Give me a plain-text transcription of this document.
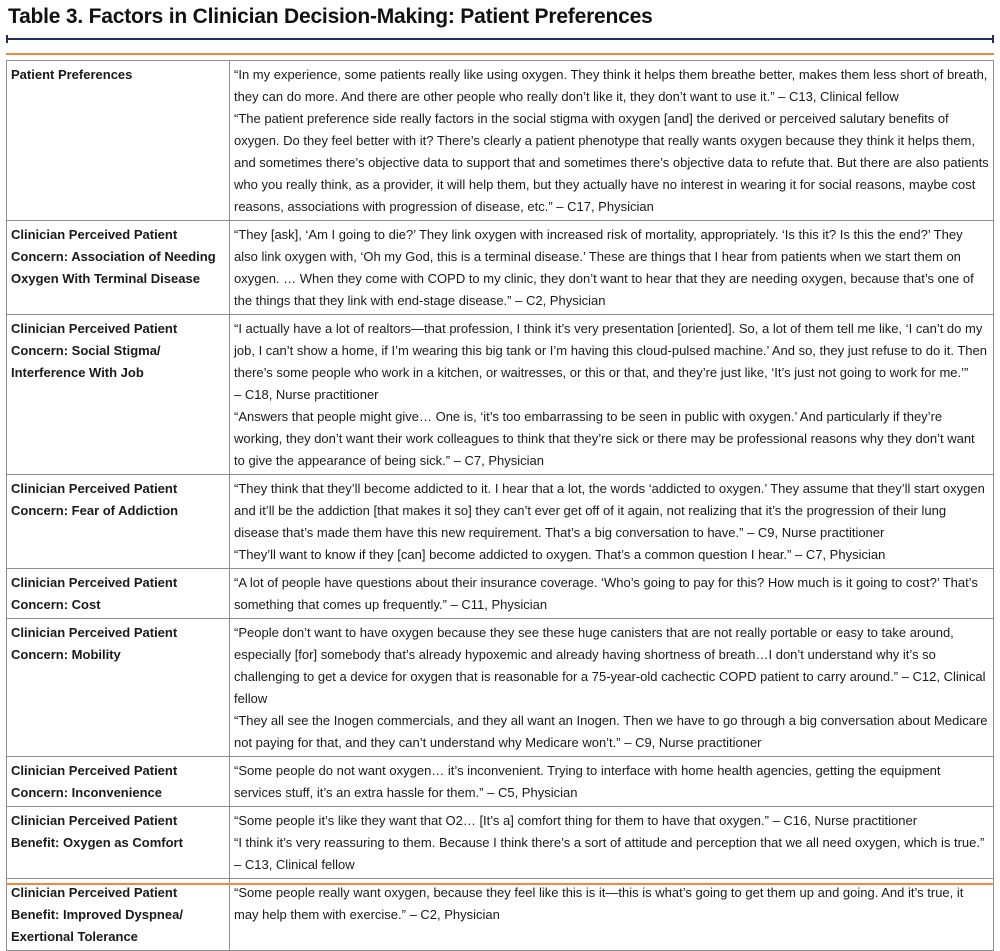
Table 3. Factors in Clinician Decision-Making: Patient Preferences
Patient Preferences	“In my experience, some patients really like using oxygen. They think it helps them breathe better, makes them less short of breath, they can do more. And there are other people who really don’t like it, they don’t want to use it.” – C13, Clinical fellow
“The patient preference side really factors in the social stigma with oxygen [and] the derived or perceived salutary benefits of oxygen. Do they feel better with it? There’s clearly a patient phenotype that really wants oxygen because they think it helps them, and sometimes there’s objective data to support that and sometimes there’s objective data to refute that. But there are also patients who you really think, as a provider, it will help them, but they actually have no interest in wearing it for social reasons, maybe cost reasons, associations with progression of disease, etc.” – C17, Physician

Clinician Perceived Patient Concern: Association of Needing Oxygen With Terminal Disease	“They [ask], ‘Am I going to die?’ They link oxygen with increased risk of mortality, appropriately. ‘Is this it? Is this the end?’ They also link oxygen with, ‘Oh my God, this is a terminal disease.’ These are things that I hear from patients when we start them on oxygen. … When they come with COPD to my clinic, they don’t want to hear that they are needing oxygen, because that’s one of the things that they link with end-stage disease.” – C2, Physician

Clinician Perceived Patient Concern: Social Stigma/ Interference With Job	“I actually have a lot of realtors—that profession, I think it’s very presentation [oriented]. So, a lot of them tell me like, ‘I can’t do my job, I can’t show a home, if I’m wearing this big tank or I’m having this cloud-pulsed machine.’ And so, they just refuse to do it. Then there’s some people who work in a kitchen, or waitresses, or this or that, and they’re just like, ‘It’s just not going to work for me.’”
– C18, Nurse practitioner
“Answers that people might give… One is, ‘it’s too embarrassing to be seen in public with oxygen.’ And particularly if they’re working, they don’t want their work colleagues to think that they’re sick or there may be professional reasons why they don’t want to give the appearance of being sick.” – C7, Physician

Clinician Perceived Patient Concern: Fear of Addiction	“They think that they’ll become addicted to it. I hear that a lot, the words ‘addicted to oxygen.’ They assume that they’ll start oxygen and it’ll be the addiction [that makes it so] they can’t ever get off of it again, not realizing that it’s the progression of their lung disease that’s made them have this new requirement. That’s a big conversation to have.” – C9, Nurse practitioner
“They’ll want to know if they [can] become addicted to oxygen. That’s a common question I hear.” – C7, Physician

Clinician Perceived Patient Concern: Cost	“A lot of people have questions about their insurance coverage. ‘Who’s going to pay for this? How much is it going to cost?’ That’s something that comes up frequently.” – C11, Physician

Clinician Perceived Patient Concern: Mobility	“People don’t want to have oxygen because they see these huge canisters that are not really portable or easy to take around, especially [for] somebody that’s already hypoxemic and already having shortness of breath…I don’t understand why it’s so challenging to get a device for oxygen that is reasonable for a 75-year-old cachectic COPD patient to carry around.” – C12, Clinical fellow
“They all see the Inogen commercials, and they all want an Inogen. Then we have to go through a big conversation about Medicare not paying for that, and they can’t understand why Medicare won’t.” – C9, Nurse practitioner

Clinician Perceived Patient Concern: Inconvenience	“Some people do not want oxygen… it’s inconvenient. Trying to interface with home health agencies, getting the equipment services stuff, it’s an extra hassle for them.” – C5, Physician

Clinician Perceived Patient Benefit: Oxygen as Comfort	“Some people it’s like they want that O2… [It’s a] comfort thing for them to have that oxygen.” – C16, Nurse practitioner
“I think it’s very reassuring to them. Because I think there’s a sort of attitude and perception that we all need oxygen, which is true.” – C13, Clinical fellow

Clinician Perceived Patient Benefit: Improved Dyspnea/ Exertional Tolerance	“Some people really want oxygen, because they feel like this is it—this is what’s going to get them up and going. And it’s true, it may help them with exercise.” – C2, Physician
